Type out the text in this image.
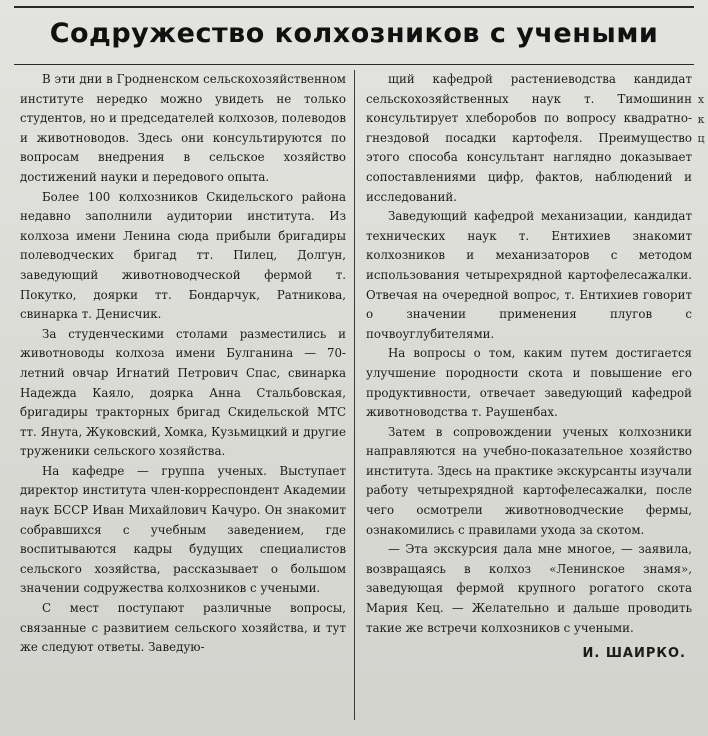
Содружество колхозников с учеными

В эти дни в Гродненском сельскохозяйственном институте нередко можно увидеть не только студентов, но и председателей колхозов, полеводов и животноводов. Здесь они консультируются по вопросам внедрения в сельское хозяйство достижений науки и передового опыта.

Более 100 колхозников Скидельского района недавно заполнили аудитории института. Из колхоза имени Ленина сюда прибыли бригадиры полеводческих бригад тт. Пилец, Долгун, заведующий животноводческой фермой т. Покутко, доярки тт. Бондарчук, Ратникова, свинарка т. Денисчик.

За студенческими столами разместились и животноводы колхоза имени Булганина — 70-летний овчар Игнатий Петрович Спас, свинарка Надежда Каяло, доярка Анна Стальбовская, бригадиры тракторных бригад Скидельской МТС тт. Янута, Жуковский, Хомка, Кузьмицкий и другие труженики сельского хозяйства.

На кафедре — группа ученых. Выступает директор института член-корреспондент Академии наук БССР Иван Михайлович Качуро. Он знакомит собравшихся с учебным заведением, где воспитываются кадры будущих специалистов сельского хозяйства, рассказывает о большом значении содружества колхозников с учеными.

С мест поступают различные вопросы, связанные с развитием сельского хозяйства, и тут же следуют ответы. Заведую-

щий кафедрой растениеводства кандидат сельскохозяйственных наук т. Тимошинин консультирует хлеборобов по вопросу квадратно-гнездовой посадки картофеля. Преимущество этого способа консультант наглядно доказывает сопоставлениями цифр, фактов, наблюдений и исследований.

Заведующий кафедрой механизации, кандидат технических наук т. Ентихиев знакомит колхозников и механизаторов с методом использования четырехрядной картофелесажалки. Отвечая на очередной вопрос, т. Ентихиев говорит о значении применения плугов с почвоуглубителями.

На вопросы о том, каким путем достигается улучшение породности скота и повышение его продуктивности, отвечает заведующий кафедрой животноводства т. Раушенбах.

Затем в сопровождении ученых колхозники направляются на учебно-показательное хозяйство института. Здесь на практике экскурсанты изучали работу четырехрядной картофелесажалки, после чего осмотрели животноводческие фермы, ознакомились с правилами ухода за скотом.

— Эта экскурсия дала мне многое, — заявила, возвращаясь в колхоз «Ленинское знамя», заведующая фермой крупного рогатого скота Мария Кец. — Желательно и дальше проводить такие же встречи колхозников с учеными.

И. ШАИРКО.
х
к
ц
